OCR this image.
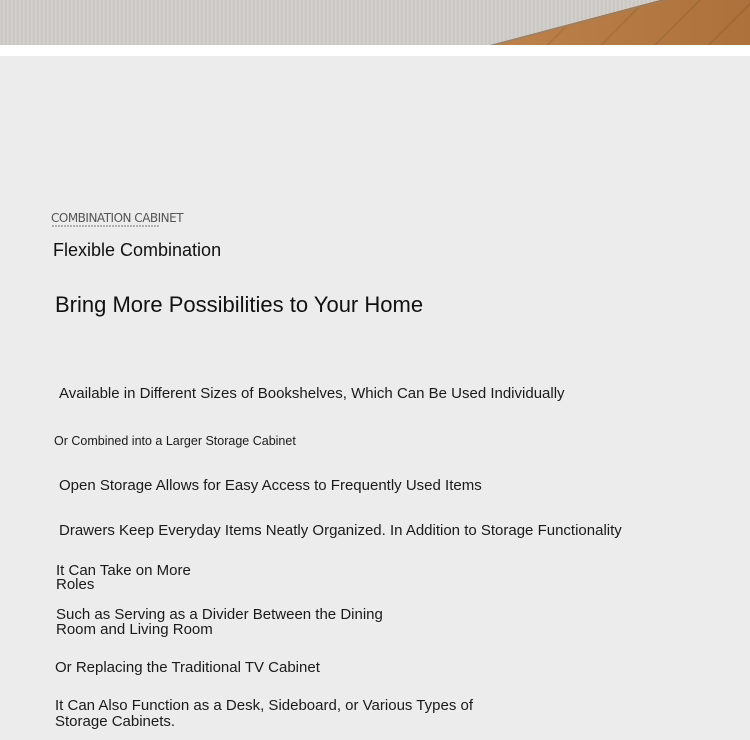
COMBINATION CABINET

Flexible Combination

Bring More Possibilities to Your Home

Available in Different Sizes of Bookshelves, Which Can Be Used Individually

Or Combined into a Larger Storage Cabinet

Open Storage Allows for Easy Access to Frequently Used Items

Drawers Keep Everyday Items Neatly Organized. In Addition to Storage Functionality

It Can Take on More

Roles

Such as Serving as a Divider Between the Dining

Room and Living Room

Or Replacing the Traditional TV Cabinet

It Can Also Function as a Desk, Sideboard, or Various Types of

Storage Cabinets.
